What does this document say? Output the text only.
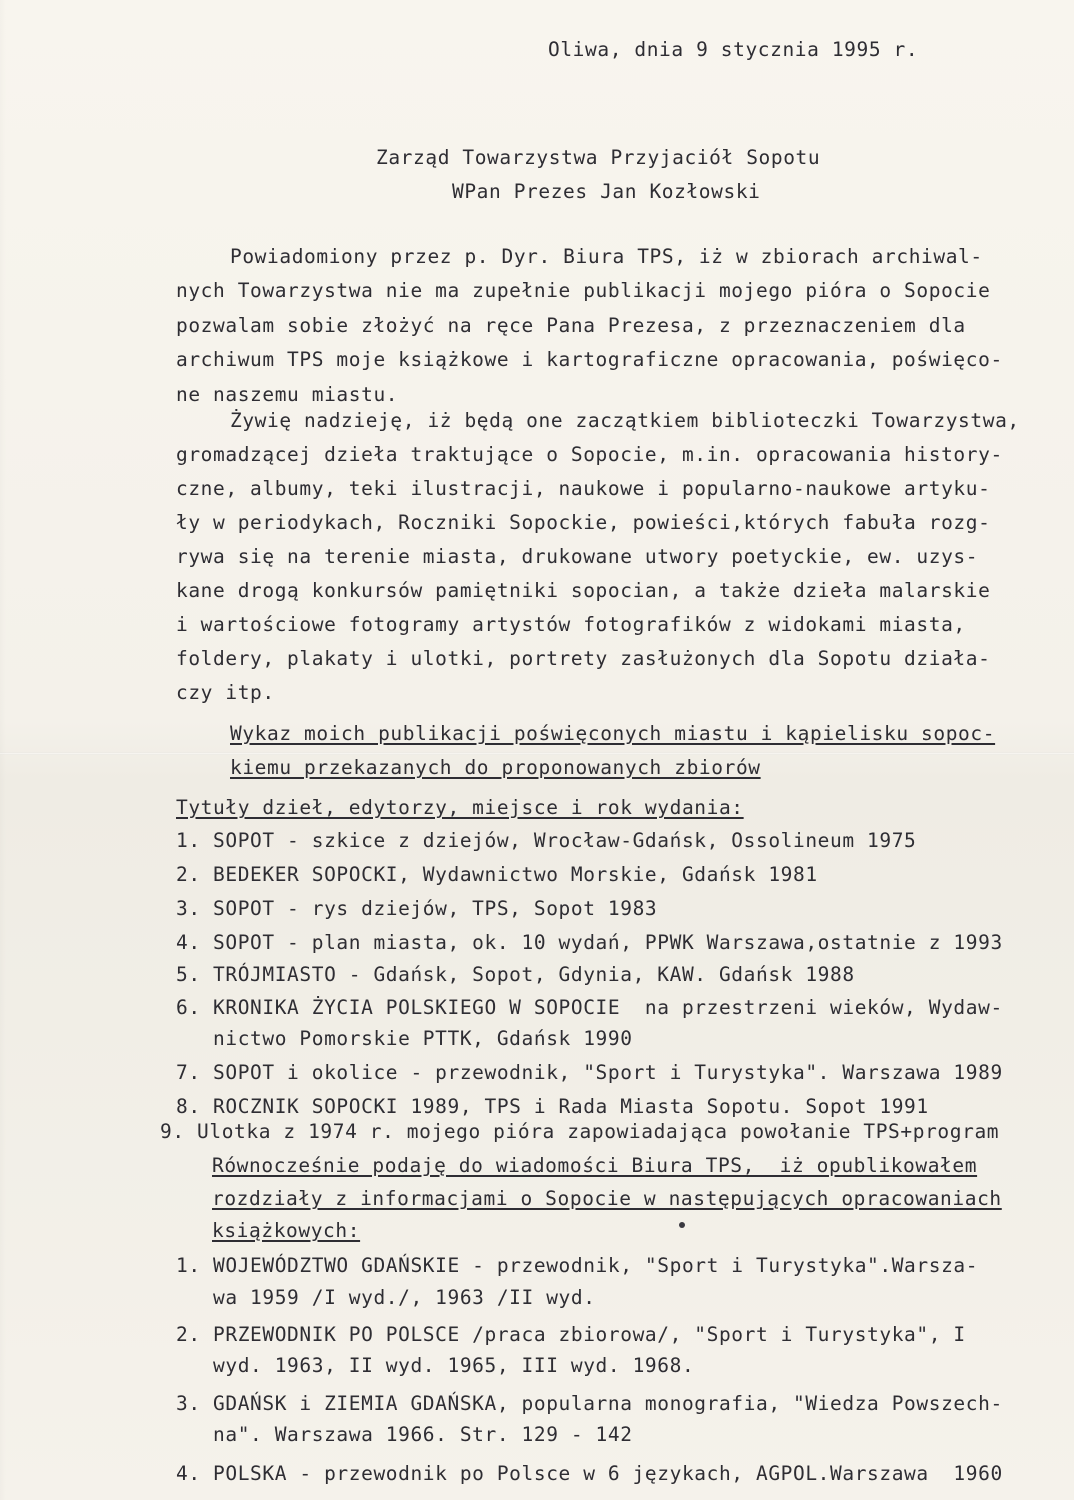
Oliwa, dnia 9 stycznia 1995 r.
Zarząd Towarzystwa Przyjaciół Sopotu
WPan Prezes Jan Kozłowski
Powiadomiony przez p. Dyr. Biura TPS, iż w zbiorach archiwal-
nych Towarzystwa nie ma zupełnie publikacji mojego pióra o Sopocie
pozwalam sobie złożyć na ręce Pana Prezesa, z przeznaczeniem dla
archiwum TPS moje książkowe i kartograficzne opracowania, poświęco-
ne naszemu miastu.
Żywię nadzieję, iż będą one zaczątkiem biblioteczki Towarzystwa,
gromadzącej dzieła traktujące o Sopocie, m.in. opracowania history-
czne, albumy, teki ilustracji, naukowe i popularno-naukowe artyku-
ły w periodykach, Roczniki Sopockie, powieści,których fabuła rozg-
rywa się na terenie miasta, drukowane utwory poetyckie, ew. uzys-
kane drogą konkursów pamiętniki sopocian, a także dzieła malarskie
i wartościowe fotogramy artystów fotografików z widokami miasta,
foldery, plakaty i ulotki, portrety zasłużonych dla Sopotu działa-
czy itp.
Wykaz moich publikacji poświęconych miastu i kąpielisku sopoc-
kiemu przekazanych do proponowanych zbiorów
Tytuły dzieł, edytorzy, miejsce i rok wydania:
1. SOPOT - szkice z dziejów, Wrocław-Gdańsk, Ossolineum 1975
2. BEDEKER SOPOCKI, Wydawnictwo Morskie, Gdańsk 1981
3. SOPOT - rys dziejów, TPS, Sopot 1983
4. SOPOT - plan miasta, ok. 10 wydań, PPWK Warszawa,ostatnie z 1993
5. TRÓJMIASTO - Gdańsk, Sopot, Gdynia, KAW. Gdańsk 1988
6. KRONIKA ŻYCIA POLSKIEGO W SOPOCIE  na przestrzeni wieków, Wydaw-
nictwo Pomorskie PTTK, Gdańsk 1990
7. SOPOT i okolice - przewodnik, "Sport i Turystyka". Warszawa 1989
8. ROCZNIK SOPOCKI 1989, TPS i Rada Miasta Sopotu. Sopot 1991
9. Ulotka z 1974 r. mojego pióra zapowiadająca powołanie TPS+program
Równocześnie podaję do wiadomości Biura TPS,  iż opublikowałem
rozdziały z informacjami o Sopocie w następujących opracowaniach
książkowych:
1. WOJEWÓDZTWO GDAŃSKIE - przewodnik, "Sport i Turystyka".Warsza-
wa 1959 /I wyd./, 1963 /II wyd.
2. PRZEWODNIK PO POLSCE /praca zbiorowa/, "Sport i Turystyka", I
wyd. 1963, II wyd. 1965, III wyd. 1968.
3. GDAŃSK i ZIEMIA GDAŃSKA, popularna monografia, "Wiedza Powszech-
na". Warszawa 1966. Str. 129 - 142
4. POLSKA - przewodnik po Polsce w 6 językach, AGPOL.Warszawa  1960
